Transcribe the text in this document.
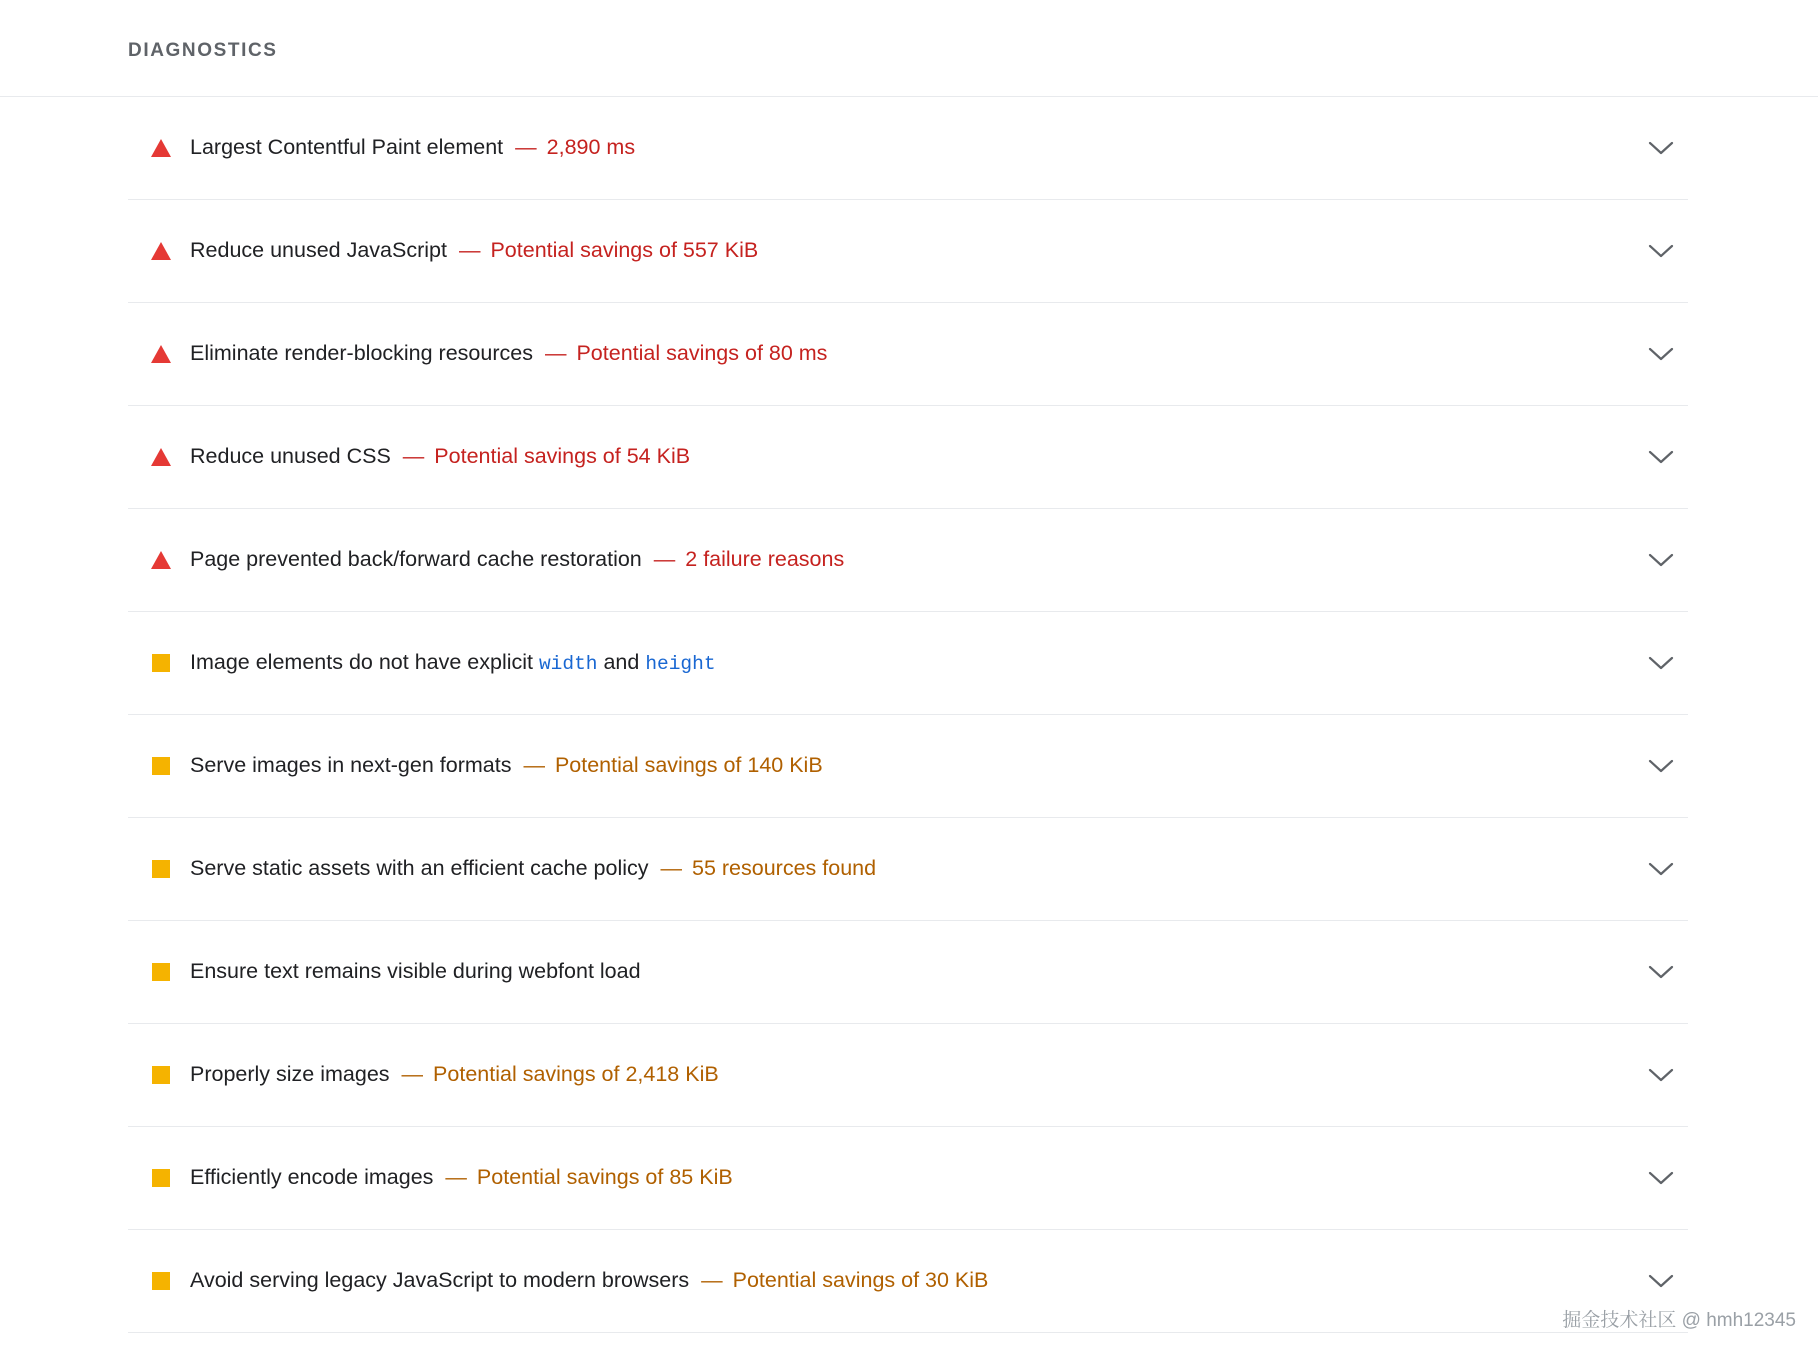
DIAGNOSTICS
Largest Contentful Paint element — 2,890 ms
Reduce unused JavaScript — Potential savings of 557 KiB
Eliminate render-blocking resources — Potential savings of 80 ms
Reduce unused CSS — Potential savings of 54 KiB
Page prevented back/forward cache restoration — 2 failure reasons
Image elements do not have explicit width and height
Serve images in next-gen formats — Potential savings of 140 KiB
Serve static assets with an efficient cache policy — 55 resources found
Ensure text remains visible during webfont load
Properly size images — Potential savings of 2,418 KiB
Efficiently encode images — Potential savings of 85 KiB
Avoid serving legacy JavaScript to modern browsers — Potential savings of 30 KiB
掘金技术社区 @ hmh12345
